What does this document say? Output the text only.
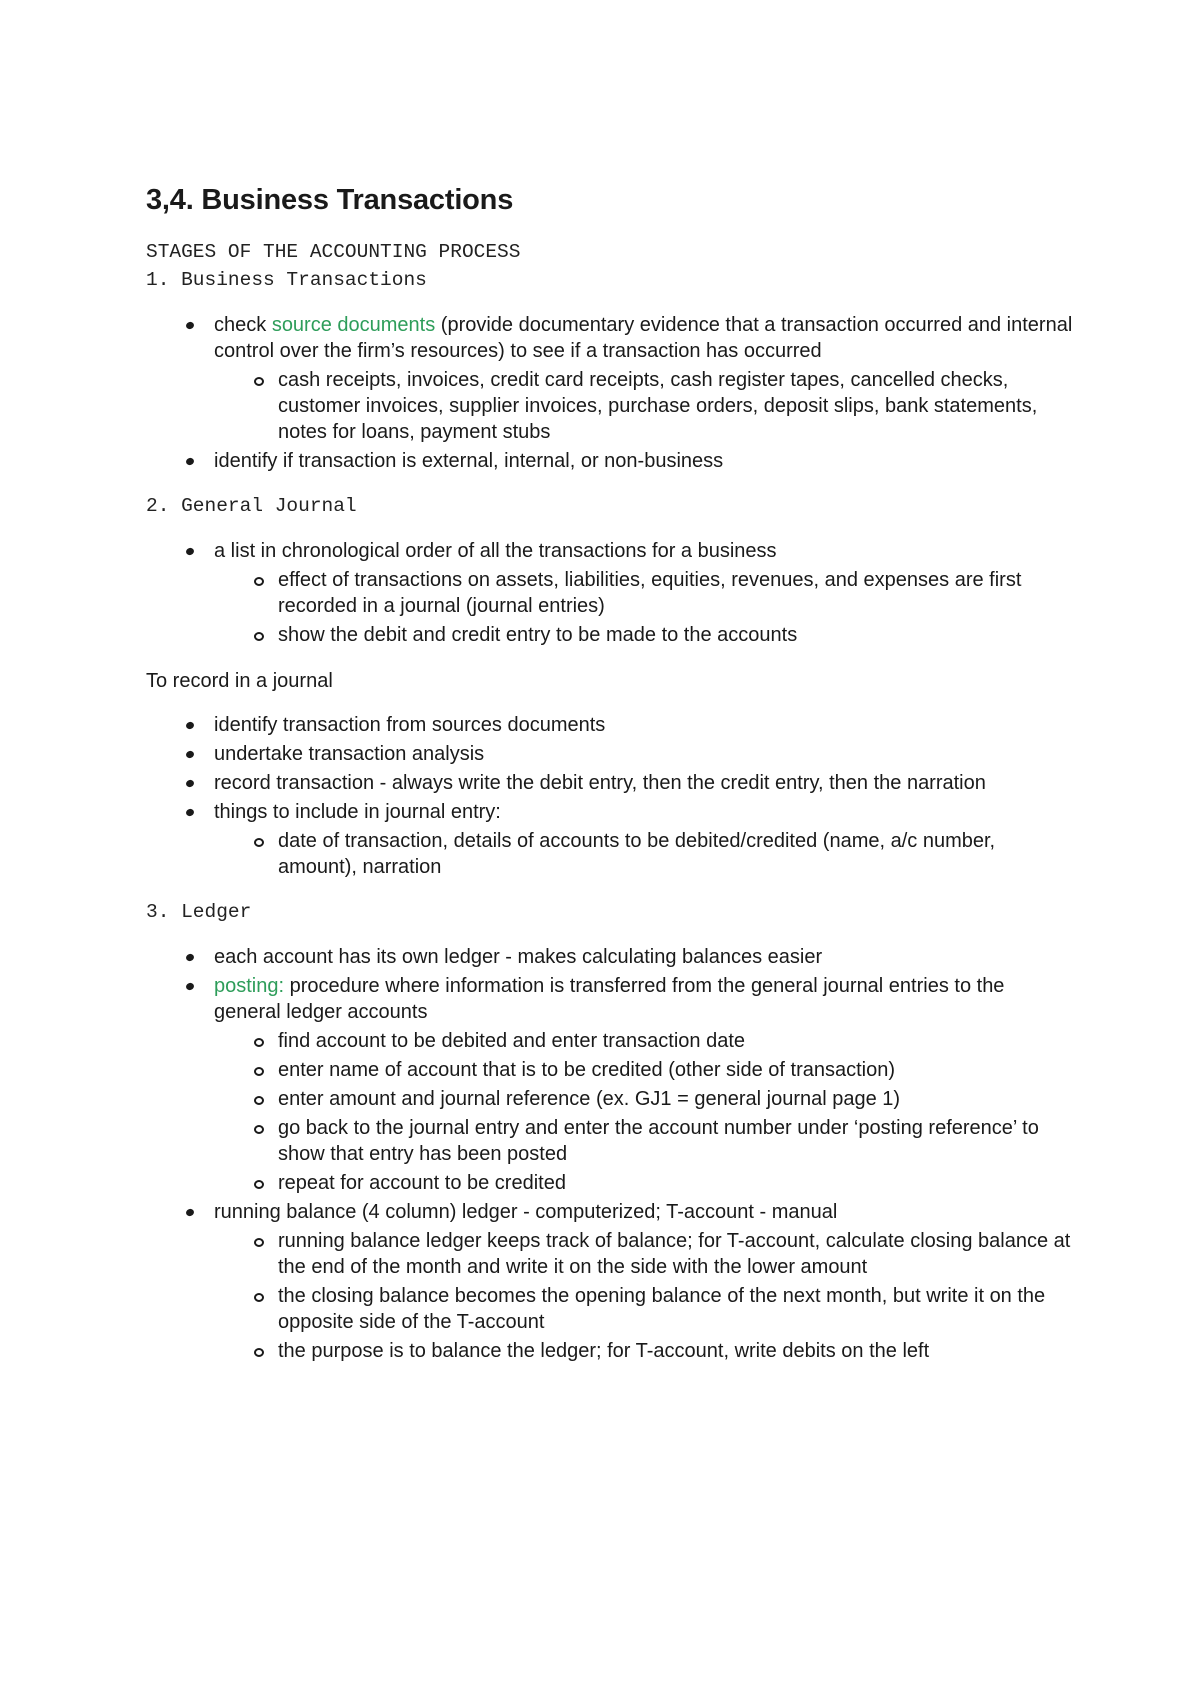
3,4. Business Transactions
STAGES OF THE ACCOUNTING PROCESS
1. Business Transactions
check source documents (provide documentary evidence that a transaction occurred and internal control over the firm’s resources) to see if a transaction has occurred
cash receipts, invoices, credit card receipts, cash register tapes, cancelled checks, customer invoices, supplier invoices, purchase orders, deposit slips, bank statements, notes for loans, payment stubs
identify if transaction is external, internal, or non-business
2. General Journal
a list in chronological order of all the transactions for a business
effect of transactions on assets, liabilities, equities, revenues, and expenses are first recorded in a journal (journal entries)
show the debit and credit entry to be made to the accounts

To record in a journal

identify transaction from sources documents
undertake transaction analysis
record transaction - always write the debit entry, then the credit entry, then the narration
things to include in journal entry:
date of transaction, details of accounts to be debited/credited (name, a/c number, amount), narration
3. Ledger
each account has its own ledger - makes calculating balances easier
posting: procedure where information is transferred from the general journal entries to the general ledger accounts
find account to be debited and enter transaction date
enter name of account that is to be credited (other side of transaction)
enter amount and journal reference (ex. GJ1 = general journal page 1)
go back to the journal entry and enter the account number under ‘posting reference’ to show that entry has been posted
repeat for account to be credited
running balance (4 column) ledger - computerized; T-account - manual
running balance ledger keeps track of balance; for T-account, calculate closing balance at the end of the month and write it on the side with the lower amount
the closing balance becomes the opening balance of the next month, but write it on the opposite side of the T-account
the purpose is to balance the ledger; for T-account, write debits on the left
